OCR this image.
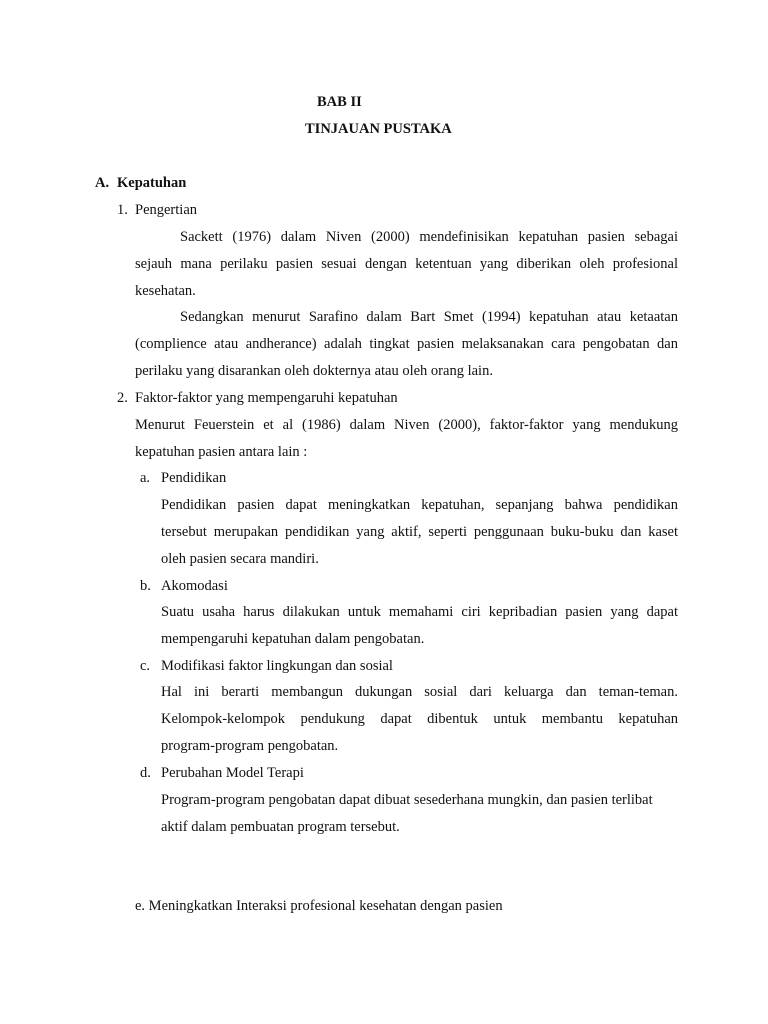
BAB II
TINJAUAN PUSTAKA
A. Kepatuhan
1. Pengertian
Sackett (1976) dalam Niven (2000) mendefinisikan kepatuhan pasien sebagai
sejauh mana perilaku pasien sesuai dengan ketentuan yang diberikan oleh profesional
kesehatan.
Sedangkan menurut Sarafino dalam Bart Smet (1994) kepatuhan atau ketaatan
(complience atau andherance) adalah tingkat pasien melaksanakan cara pengobatan dan
perilaku yang disarankan oleh dokternya atau oleh orang lain.
2. Faktor-faktor yang mempengaruhi kepatuhan
Menurut Feuerstein et al (1986) dalam Niven (2000), faktor-faktor yang mendukung
kepatuhan pasien antara lain :
a. Pendidikan
Pendidikan pasien dapat meningkatkan kepatuhan, sepanjang bahwa pendidikan
tersebut merupakan pendidikan yang aktif, seperti penggunaan buku-buku dan kaset
oleh pasien secara mandiri.
b. Akomodasi
Suatu usaha harus dilakukan untuk memahami ciri kepribadian pasien yang dapat
mempengaruhi kepatuhan dalam pengobatan.
c. Modifikasi faktor lingkungan dan sosial
Hal ini berarti membangun dukungan sosial dari keluarga dan teman-teman.
Kelompok-kelompok pendukung dapat dibentuk untuk membantu kepatuhan
program-program pengobatan.
d. Perubahan Model Terapi
Program-program pengobatan dapat dibuat sesederhana mungkin, dan pasien terlibat
aktif dalam pembuatan program tersebut.
e. Meningkatkan Interaksi profesional kesehatan dengan pasien
